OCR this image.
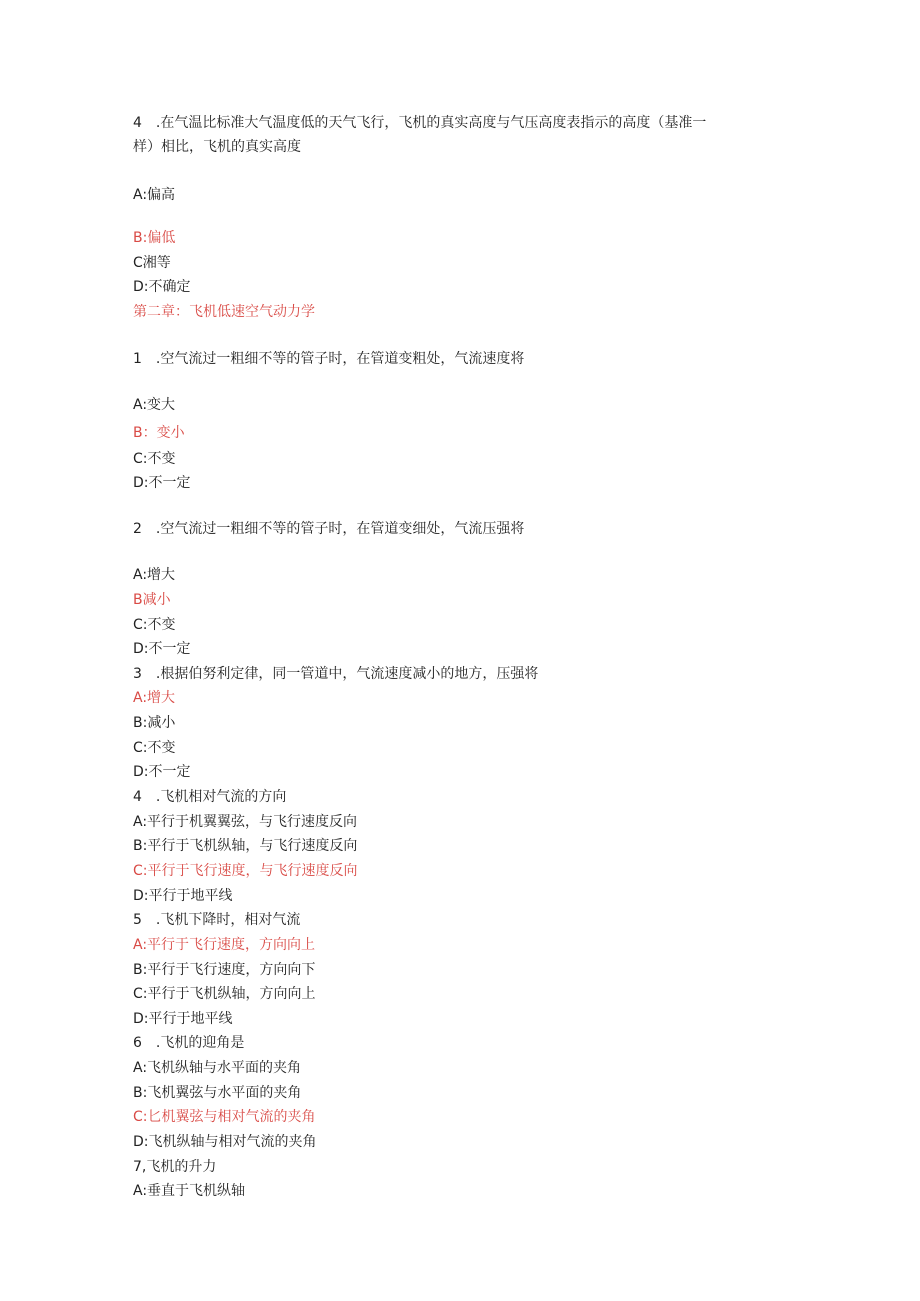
4　.在气温比标准大气温度低的天气飞行，飞机的真实高度与气压高度表指示的高度（基准一
样）相比，飞机的真实高度
A:偏高
B:偏低
C湘等
D:不确定
第二章：飞机低速空气动力学
1　.空气流过一粗细不等的管子时，在管道变粗处，气流速度将
A:变大
B：变小
C:不变
D:不一定
2　.空气流过一粗细不等的管子时，在管道变细处，气流压强将
A:增大
B减小
C:不变
D:不一定
3　.根据伯努利定律，同一管道中，气流速度减小的地方，压强将
A:增大
B:减小
C:不变
D:不一定
4　.飞机相对气流的方向
A:平行于机翼翼弦，与飞行速度反向
B:平行于飞机纵轴，与飞行速度反向
C:平行于飞行速度，与飞行速度反向
D:平行于地平线
5　.飞机下降时，相对气流
A:平行于飞行速度，方向向上
B:平行于飞行速度，方向向下
C:平行于飞机纵轴，方向向上
D:平行于地平线
6　.飞机的迎角是
A:飞机纵轴与水平面的夹角
B:飞机翼弦与水平面的夹角
C:匕机翼弦与相对气流的夹角
D:飞机纵轴与相对气流的夹角
7,飞机的升力
A:垂直于飞机纵轴
